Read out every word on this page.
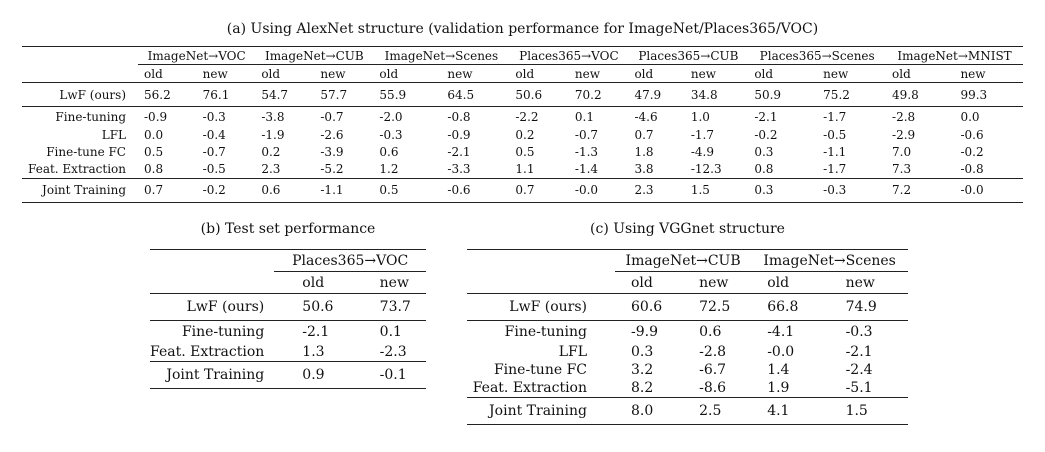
(a) Using AlexNet structure (validation performance for ImageNet/Places365/VOC)
	ImageNet→VOC		ImageNet→CUB		ImageNet→Scenes		Places365→VOC		Places365→CUB		Places365→Scenes		ImageNet→MNIST	
	old	new	old	new	old	new	old	new	old	new	old	new	old	new
LwF (ours)	56.2	76.1	54.7	57.7	55.9	64.5	50.6	70.2	47.9	34.8	50.9	75.2	49.8	99.3
Fine-tuning	-0.9	-0.3	-3.8	-0.7	-2.0	-0.8	-2.2	0.1	-4.6	1.0	-2.1	-1.7	-2.8	0.0
LFL	0.0	-0.4	-1.9	-2.6	-0.3	-0.9	0.2	-0.7	0.7	-1.7	-0.2	-0.5	-2.9	-0.6
Fine-tune FC	0.5	-0.7	0.2	-3.9	0.6	-2.1	0.5	-1.3	1.8	-4.9	0.3	-1.1	7.0	-0.2
Feat. Extraction	0.8	-0.5	2.3	-5.2	1.2	-3.3	1.1	-1.4	3.8	-12.3	0.8	-1.7	7.3	-0.8
Joint Training	0.7	-0.2	0.6	-1.1	0.5	-0.6	0.7	-0.0	2.3	1.5	0.3	-0.3	7.2	-0.0
(b) Test set performance
	Places365→VOC	
	old	new
LwF (ours)	50.6	73.7
Fine-tuning	-2.1	0.1
Feat. Extraction	1.3	-2.3
Joint Training	0.9	-0.1
(c) Using VGGnet structure
	ImageNet→CUB		ImageNet→Scenes	
	old	new	old	new
LwF (ours)	60.6	72.5	66.8	74.9
Fine-tuning	-9.9	0.6	-4.1	-0.3
LFL	0.3	-2.8	-0.0	-2.1
Fine-tune FC	3.2	-6.7	1.4	-2.4
Feat. Extraction	8.2	-8.6	1.9	-5.1
Joint Training	8.0	2.5	4.1	1.5
